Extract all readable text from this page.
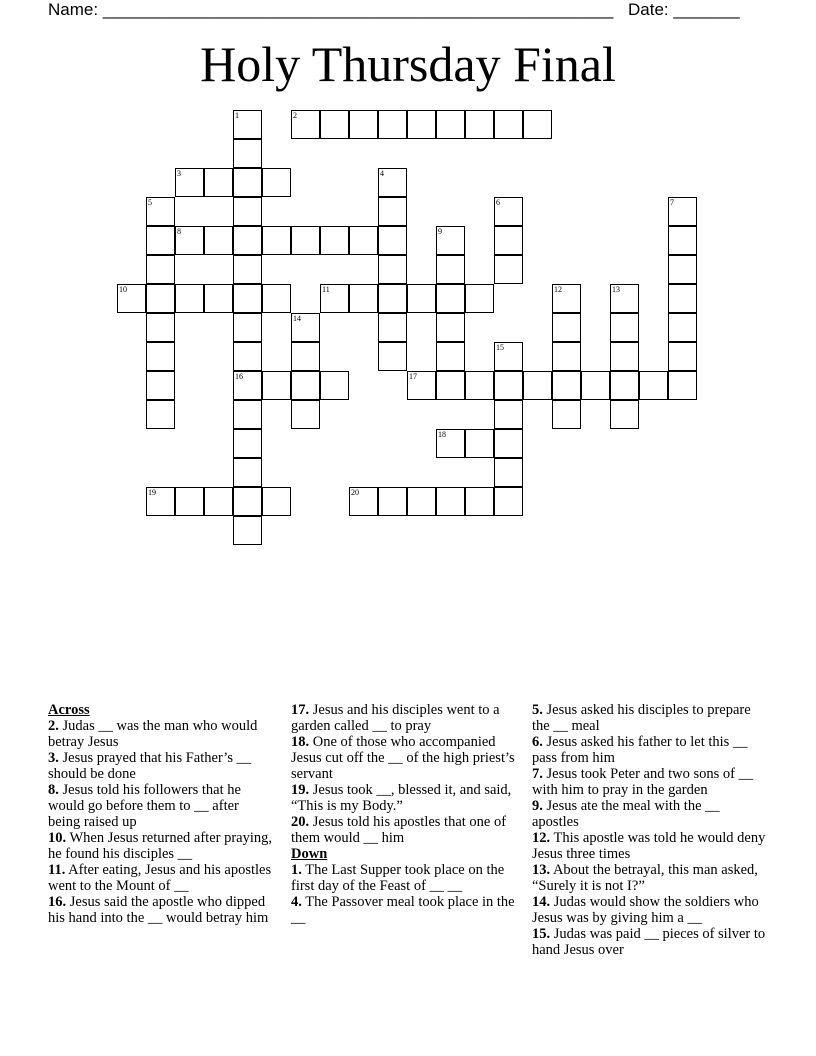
Name: ______________________________________________________ Date: _______
Holy Thursday Final
1	2
3	4
5	6	7
8	9
10	11	12	13
14
15
16	17
18
19	20
Across
2. Judas __ was the man who would betray Jesus
3. Jesus prayed that his Father’s __ should be done
8. Jesus told his followers that he would go before them to __ after being raised up
10. When Jesus returned after praying, he found his disciples __
11. After eating, Jesus and his apostles went to the Mount of __
16. Jesus said the apostle who dipped his hand into the __ would betray him
17. Jesus and his disciples went to a garden called __ to pray
18. One of those who accompanied Jesus cut off the __ of the high priest’s servant
19. Jesus took __, blessed it, and said, “This is my Body.”
20. Jesus told his apostles that one of them would __ him
Down
1. The Last Supper took place on the first day of the Feast of __ __
4. The Passover meal took place in the __
5. Jesus asked his disciples to prepare the __ meal
6. Jesus asked his father to let this __ pass from him
7. Jesus took Peter and two sons of __ with him to pray in the garden
9. Jesus ate the meal with the __ apostles
12. This apostle was told he would deny Jesus three times
13. About the betrayal, this man asked, “Surely it is not I?”
14. Judas would show the soldiers who Jesus was by giving him a __
15. Judas was paid __ pieces of silver to hand Jesus over
